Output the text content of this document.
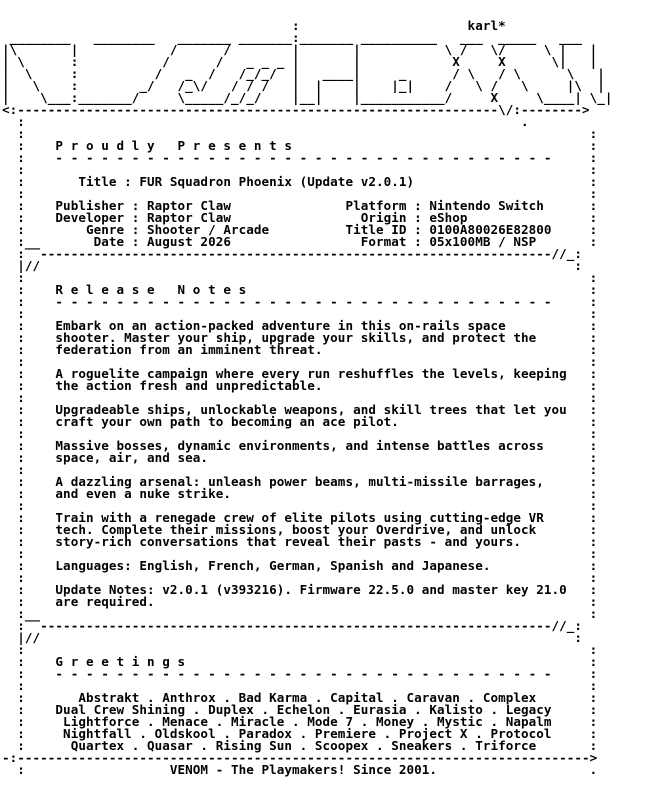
:                      karl*
________   ________   _______ _______:_______ __________   ___  _____   ___
|\       |            /      /        |       |           \ /   \/     \ |   |
| \      :           /      /   _ _ _ |       |            X     X      \|   |
|  \     :          /   _  /   /_/_/  |   ____|     _      / \   / \      \   |
|   \    :        _/   /_\/   / / /   |  |    |    |_|    /   \ /   \     |\  |
|    \___:_______/     \_____/_/_/    |__|    |___________/     X     \____| \_|
<:---------------------------------------------------------------\/:-------->
:                                                                 .
:                                                                          :
:    P r o u d l y   P r e s e n t s                                       :
:    - - - - - - - - - - - - - - - - - - - - - - - - - - - - - - - - -     :
:                                                                          :
:       Title : FUR Squadron Phoenix (Update v2.0.1)                       :
:                                                                          :
:    Publisher : Raptor Claw               Platform : Nintendo Switch      :
:    Developer : Raptor Claw                 Origin : eShop                :
:        Genre : Shooter / Arcade          Title ID : 0100A80026E82800     :
:         Date : August 2026                 Format : 05x100MB / NSP       :
:‾‾-------------------------------------------------------------------//_:
|//                                                                      :
:                                                                          :
:    R e l e a s e   N o t e s                                             :
:    - - - - - - - - - - - - - - - - - - - - - - - - - - - - - - - - -     :
:                                                                          :
:    Embark on an action-packed adventure in this on-rails space           :
:    shooter. Master your ship, upgrade your skills, and protect the       :
:    federation from an imminent threat.                                   :
:                                                                          :
:    A roguelite campaign where every run reshuffles the levels, keeping   :
:    the action fresh and unpredictable.                                   :
:                                                                          :
:    Upgradeable ships, unlockable weapons, and skill trees that let you   :
:    craft your own path to becoming an ace pilot.                         :
:                                                                          :
:    Massive bosses, dynamic environments, and intense battles across      :
:    space, air, and sea.                                                  :
:                                                                          :
:    A dazzling arsenal: unleash power beams, multi-missile barrages,      :
:    and even a nuke strike.                                               :
:                                                                          :
:    Train with a renegade crew of elite pilots using cutting-edge VR      :
:    tech. Complete their missions, boost your Overdrive, and unlock       :
:    story-rich conversations that reveal their pasts - and yours.         :
:                                                                          :
:    Languages: English, French, German, Spanish and Japanese.             :
:                                                                          :
:    Update Notes: v2.0.1 (v393216). Firmware 22.5.0 and master key 21.0   :
:    are required.                                                         :
:                                                                          :
:‾‾-------------------------------------------------------------------//_:
|//                                                                      :
:                                                                          :
:    G r e e t i n g s                                                     :
:    - - - - - - - - - - - - - - - - - - - - - - - - - - - - - - - - -     :
:                                                                          :
:       Abstrakt . Anthrox . Bad Karma . Capital . Caravan . Complex       :
:    Dual Crew Shining . Duplex . Echelon . Eurasia . Kalisto . Legacy     :
:     Lightforce . Menace . Miracle . Mode 7 . Money . Mystic . Napalm     :
:     Nightfall . Oldskool . Paradox . Premiere . Project X . Protocol     :
:      Quartex . Quasar . Rising Sun . Scoopex . Sneakers . Triforce       :
-:--------------------------------------------------------------------------->
:                   VENOM - The Playmakers! Since 2001.                    .
